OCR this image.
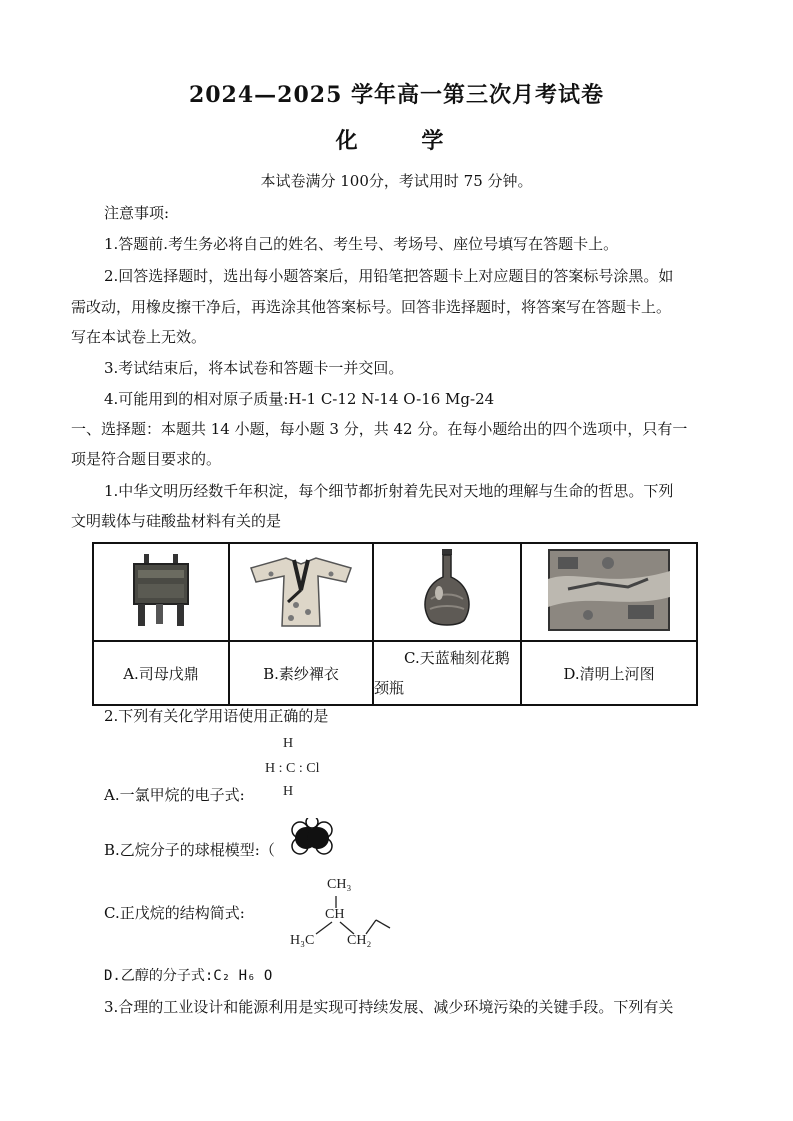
2024—2025 学年高一第三次月考试卷
化 学
本试卷满分 100分，考试用时 75 分钟。
注意事项:
1.答题前.考生务必将自己的姓名、考生号、考场号、座位号填写在答题卡上。
2.回答选择题时，选出每小题答案后，用铅笔把答题卡上对应题目的答案标号涂黑。如
需改动，用橡皮擦干净后，再选涂其他答案标号。回答非选择题时，将答案写在答题卡上。
写在本试卷上无效。
3.考试结束后，将本试卷和答题卡一并交回。
4.可能用到的相对原子质量:H-1 C-12 N-14 O-16 Mg-24
一、选择题：本题共 14 小题，每小题 3 分，共 42 分。在每小题给出的四个选项中，只有一
项是符合题目要求的。
1.中华文明历经数千年积淀，每个细节都折射着先民对天地的理解与生命的哲思。下列
文明载体与硅酸盐材料有关的是

A.司母戊鼎	B.素纱襌衣	C.天蓝釉刻花鹅
颈瓶	D.清明上河图
2.下列有关化学用语使用正确的是
H
H : C : Cl
H
A.一氯甲烷的电子式:
B.乙烷分子的球棍模型:（
CH₃
CH
H₃C CH₂
C.正戊烷的结构简式:
D.乙醇的分子式:C₂ H₆ O
3.合理的工业设计和能源利用是实现可持续发展、减少环境污染的关键手段。下列有关
